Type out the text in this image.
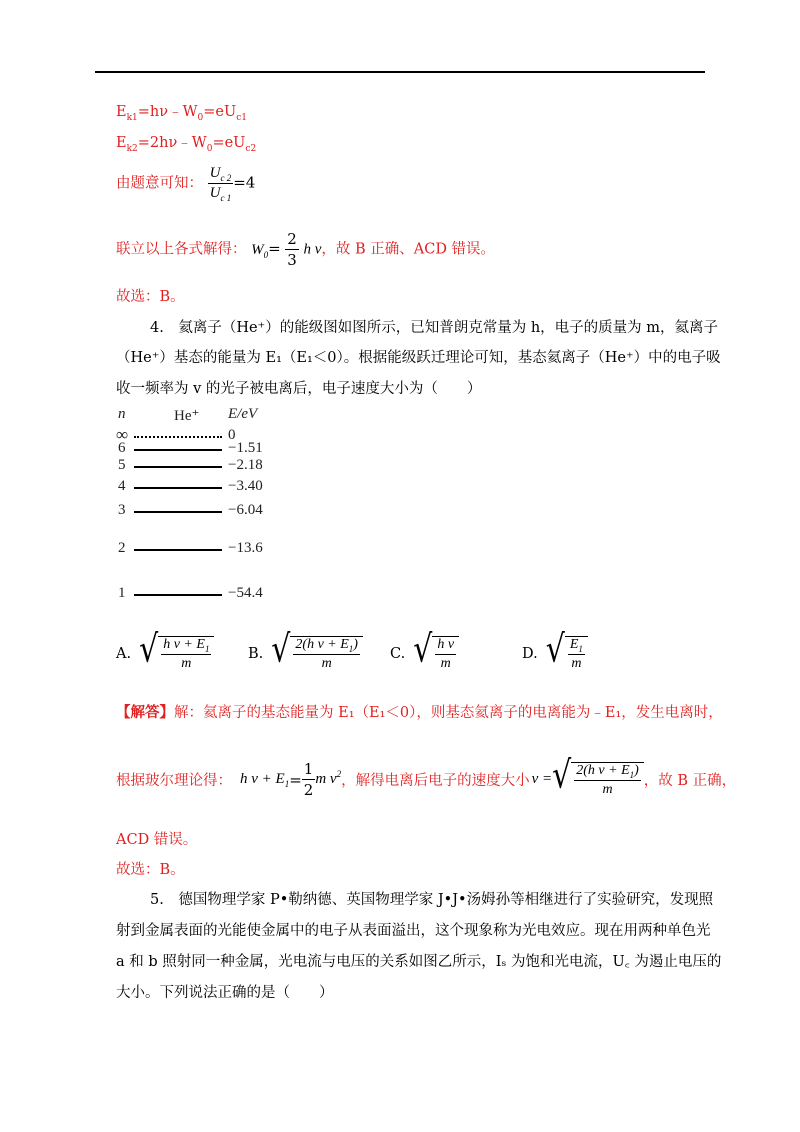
$E_{k1}=h\nu﹣W_0=eU_{c1}$
$E_{k2}=2h\nu﹣W_0=eU_{c2}$
由题意可知： $\frac{U_{c 2}}{U_{c 1}} =4$
联立以上各式解得： $W_0= \frac{2}{3}$ h ν，故 B 正确、ACD 错误。
故选：B。
4.　氦离子（He⁺）的能级图如图所示，已知普朗克常量为 h，电子的质量为 m，氦离子
（He⁺）基态的能量为 E₁（E₁＜0）。根据能级跃迁理论可知，基态氦离子（He⁺）中的电子吸
收一频率为 v 的光子被电离后，电子速度大小为（　　）
n	He⁺ E/eV
∞	0
6	−1.51
5	−2.18
4	−3.40
3	−6.04
2	−13.6
1	−54.4
A. √ $\frac{h \nu + E_1}{m}$	B. √ $\frac{2(h \nu + E_1)}{m} C$. √ $\frac{\text{h ν}}{m}$	D. √ $\frac{E_1}{m}$
【解答】解：氦离子的基态能量为 E₁（E₁＜0），则基态氦离子的电离能为﹣E₁，发生电离时，
根据玻尔理论得： h $\nu + E_1 = \frac{1}{2}$ m $\nu^2$ ，解得电离后电子的速度大小 v = √ $\frac{2(h \nu + E_1)}{m}$ ，故 B 正确，
ACD 错误。
故选：B。
5.　德国物理学家 P•勒纳德、英国物理学家 J•J•汤姆孙等相继进行了实验研究，发现照
射到金属表面的光能使金属中的电子从表面溢出，这个现象称为光电效应。现在用两种单色光
a 和 b 照射同一种金属，光电流与电压的关系如图乙所示，Iₛ 为饱和光电流，U꜀ 为遏止电压的
大小。下列说法正确的是（　　）
